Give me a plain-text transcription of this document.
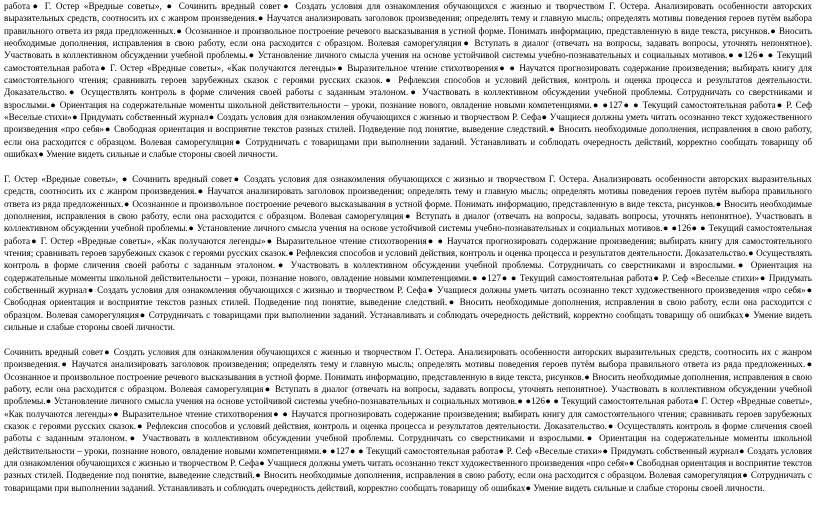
работа● Г. Остер «Вредные советы», ● Сочинить вредный совет● Создать условия для ознакомления обучающихся с жизнью и творчеством Г. Остера. Анализировать особенности авторских выразительных средств, соотносить их с жанром произведения.● Научатся анализировать заголовок произведения; определять тему и главную мысль; определять мотивы поведения героев путём выбора правильного ответа из ряда предложенных.● Осознанное и произвольное построение речевого высказывания в устной форме. Понимать информацию, представленную в виде текста, рисунков.● Вносить необходимые дополнения, исправления в свою работу, если она расходится с образцом. Волевая саморегуляция● Вступать в диалог (отвечать на вопросы, задавать вопросы, уточнять непонятное). Участвовать в коллективном обсуждении учебной проблемы.● Установление личного смысла учения на основе устойчивой системы учебно-познавательных и социальных мотивов.● ●126● ● Текущий самостоятельная работа● Г. Остер «Вредные советы», «Как получаются легенды»● Выразительное чтение стихотворения● ● Научатся прогнозировать содержание произведения; выбирать книгу для самостоятельного чтения; сравнивать героев зарубежных сказок с героями русских сказок.● Рефлексия способов и условий действия, контроль и оценка процесса и результатов деятельности. Доказательство.● Осуществлять контроль в форме сличения своей работы с заданным эталоном.● Участвовать в коллективном обсуждении учебной проблемы. Сотрудничать со сверстниками и взрослыми.● Ориентация на содержательные моменты школьной действительности – уроки, познание нового, овладение новыми компетенциями.● ●127● ● Текущий самостоятельная работа● Р. Сеф «Веселые стихи»● Придумать собственный журнал● Создать условия для ознакомления обучающихся с жизнью и творчеством Р. Сефа● Учащиеся должны уметь читать осознанно текст художественного произведения «про себя»● Свободная ориентация и восприятие текстов разных стилей. Подведение под понятие, выведение следствий.● Вносить необходимые дополнения, исправления в свою работу, если она расходится с образцом. Волевая саморегуляция● Сотрудничать с товарищами при выполнении заданий. Устанавливать и соблюдать очередность действий, корректно сообщать товарищу об ошибках● Умение видеть сильные и слабые стороны своей личности.

Г. Остер «Вредные советы», ● Сочинить вредный совет● Создать условия для ознакомления обучающихся с жизнью и творчеством Г. Остера. Анализировать особенности авторских выразительных средств, соотносить их с жанром произведения.● Научатся анализировать заголовок произведения; определять тему и главную мысль; определять мотивы поведения героев путём выбора правильного ответа из ряда предложенных.● Осознанное и произвольное построение речевого высказывания в устной форме. Понимать информацию, представленную в виде текста, рисунков.● Вносить необходимые дополнения, исправления в свою работу, если она расходится с образцом. Волевая саморегуляция● Вступать в диалог (отвечать на вопросы, задавать вопросы, уточнять непонятное). Участвовать в коллективном обсуждении учебной проблемы.● Установление личного смысла учения на основе устойчивой системы учебно-познавательных и социальных мотивов.● ●126● ● Текущий самостоятельная работа● Г. Остер «Вредные советы», «Как получаются легенды»● Выразительное чтение стихотворения● ● Научатся прогнозировать содержание произведения; выбирать книгу для самостоятельного чтения; сравнивать героев зарубежных сказок с героями русских сказок.● Рефлексия способов и условий действия, контроль и оценка процесса и результатов деятельности. Доказательство.● Осуществлять контроль в форме сличения своей работы с заданным эталоном.● Участвовать в коллективном обсуждении учебной проблемы. Сотрудничать со сверстниками и взрослыми.● Ориентация на содержательные моменты школьной действительности – уроки, познание нового, овладение новыми компетенциями.● ●127● ● Текущий самостоятельная работа● Р. Сеф «Веселые стихи»● Придумать собственный журнал● Создать условия для ознакомления обучающихся с жизнью и творчеством Р. Сефа● Учащиеся должны уметь читать осознанно текст художественного произведения «про себя»● Свободная ориентация и восприятие текстов разных стилей. Подведение под понятие, выведение следствий.● Вносить необходимые дополнения, исправления в свою работу, если она расходится с образцом. Волевая саморегуляция● Сотрудничать с товарищами при выполнении заданий. Устанавливать и соблюдать очередность действий, корректно сообщать товарищу об ошибках● Умение видеть сильные и слабые стороны своей личности.

Сочинить вредный совет● Создать условия для ознакомления обучающихся с жизнью и творчеством Г. Остера. Анализировать особенности авторских выразительных средств, соотносить их с жанром произведения.● Научатся анализировать заголовок произведения; определять тему и главную мысль; определять мотивы поведения героев путём выбора правильного ответа из ряда предложенных.● Осознанное и произвольное построение речевого высказывания в устной форме. Понимать информацию, представленную в виде текста, рисунков.● Вносить необходимые дополнения, исправления в свою работу, если она расходится с образцом. Волевая саморегуляция● Вступать в диалог (отвечать на вопросы, задавать вопросы, уточнять непонятное). Участвовать в коллективном обсуждении учебной проблемы.● Установление личного смысла учения на основе устойчивой системы учебно-познавательных и социальных мотивов.● ●126● ● Текущий самостоятельная работа● Г. Остер «Вредные советы», «Как получаются легенды»● Выразительное чтение стихотворения● ● Научатся прогнозировать содержание произведения; выбирать книгу для самостоятельного чтения; сравнивать героев зарубежных сказок с героями русских сказок.● Рефлексия способов и условий действия, контроль и оценка процесса и результатов деятельности. Доказательство.● Осуществлять контроль в форме сличения своей работы с заданным эталоном.● Участвовать в коллективном обсуждении учебной проблемы. Сотрудничать со сверстниками и взрослыми.● Ориентация на содержательные моменты школьной действительности – уроки, познание нового, овладение новыми компетенциями.● ●127● ● Текущий самостоятельная работа● Р. Сеф «Веселые стихи»● Придумать собственный журнал● Создать условия для ознакомления обучающихся с жизнью и творчеством Р. Сефа● Учащиеся должны уметь читать осознанно текст художественного произведения «про себя»● Свободная ориентация и восприятие текстов разных стилей. Подведение под понятие, выведение следствий.● Вносить необходимые дополнения, исправления в свою работу, если она расходится с образцом. Волевая саморегуляция● Сотрудничать с товарищами при выполнении заданий. Устанавливать и соблюдать очередность действий, корректно сообщать товарищу об ошибках● Умение видеть сильные и слабые стороны своей личности.
